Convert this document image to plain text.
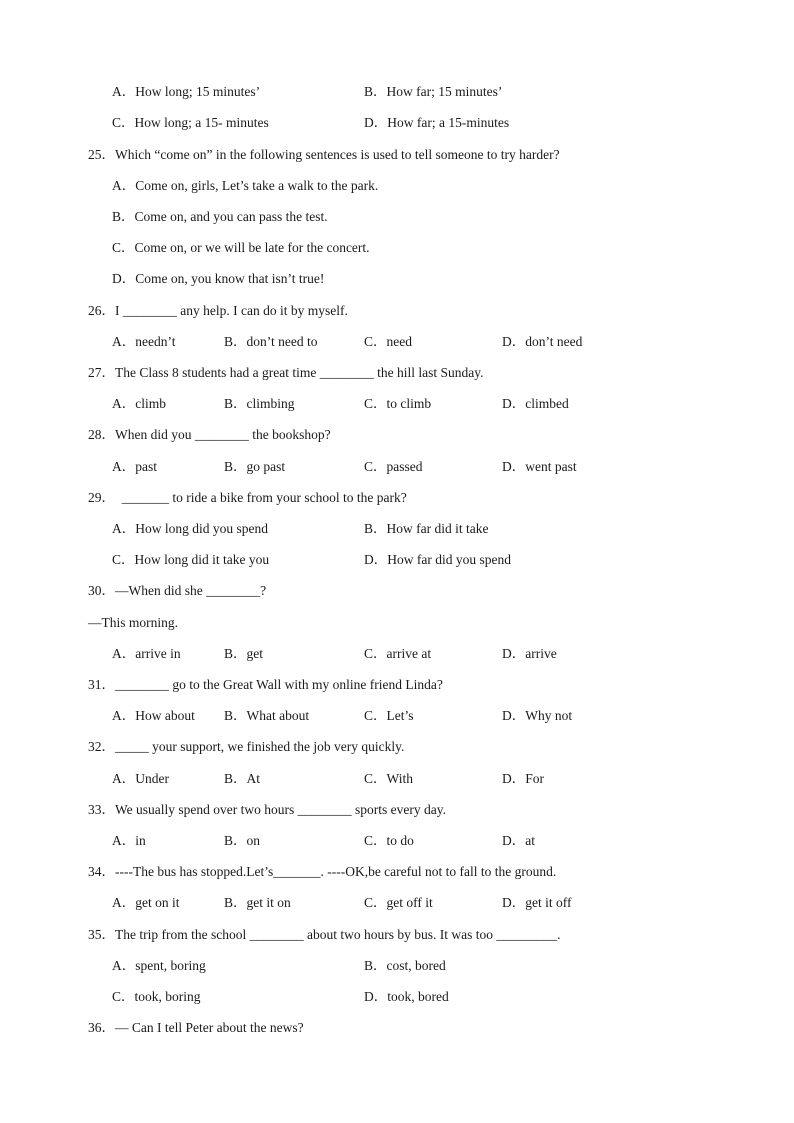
A．How long; 15 minutes’	B．How far; 15 minutes’
C．How long; a 15- minutes	D．How far; a 15-minutes
25．Which “come on” in the following sentences is used to tell someone to try harder?
A．Come on, girls, Let’s take a walk to the park.
B．Come on, and you can pass the test.
C．Come on, or we will be late for the concert.
D．Come on, you know that isn’t true!
26．I ________ any help. I can do it by myself.
A．needn’t	B．don’t need to	C．need	D．don’t need
27．The Class 8 students had a great time ________ the hill last Sunday.
A．climb	B．climbing	C．to climb	D．climbed
28．When did you ________ the bookshop?
A．past	B．go past	C．passed	D．went past
29．  _______ to ride a bike from your school to the park?
A．How long did you spend	B．How far did it take
C．How long did it take you	D．How far did you spend
30．—When did she ________?
—This morning.
A．arrive in	B．get	C．arrive at	D．arrive
31．________ go to the Great Wall with my online friend Linda?
A．How about B．What about	C．Let’s	D．Why not
32．_____ your support, we finished the job very quickly.
A．Under	B．At	C．With	D．For
33．We usually spend over two hours ________ sports every day.
A．in	B．on	C．to do	D．at
34．----The bus has stopped.Let’s_______. ----OK,be careful not to fall to the ground.
A．get on it	B．get it on	C．get off it	D．get it off
35．The trip from the school ________ about two hours by bus. It was too _________.
A．spent, boring	B．cost, bored
C．took, boring	D．took, bored
36．— Can I tell Peter about the news?
